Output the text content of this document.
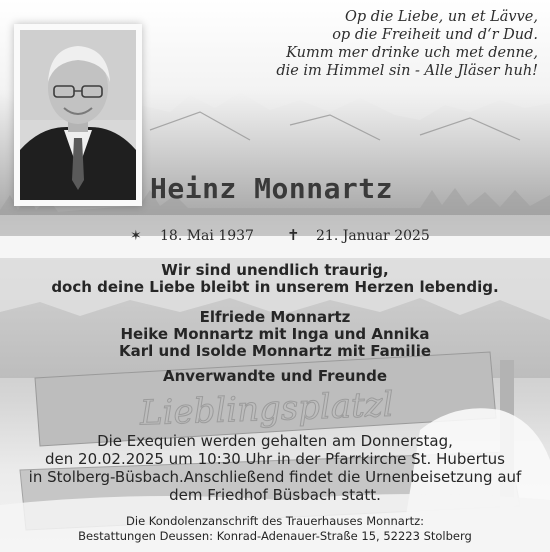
Lieblingsplatzl
Op die Liebe, un et Lävve,
op die Freiheit und d‘r Dud.
Kumm mer drinke uch met denne,
die im Himmel sin - Alle Jläser huh!
Heinz Monnartz
✶ 18. Mai 1937 ✝ 21. Januar 2025
Wir sind unendlich traurig,
doch deine Liebe bleibt in unserem Herzen lebendig.
Elfriede Monnartz
Heike Monnartz mit Inga und Annika
Karl und Isolde Monnartz mit Familie
Anverwandte und Freunde
Die Exequien werden gehalten am Donnerstag,
den 20.02.2025 um 10:30 Uhr in der Pfarrkirche St. Hubertus
in Stolberg-Büsbach.Anschließend findet die Urnenbeisetzung auf
dem Friedhof Büsbach statt.
Die Kondolenzanschrift des Trauerhauses Monnartz:
Bestattungen Deussen: Konrad-Adenauer-Straße 15, 52223 Stolberg
